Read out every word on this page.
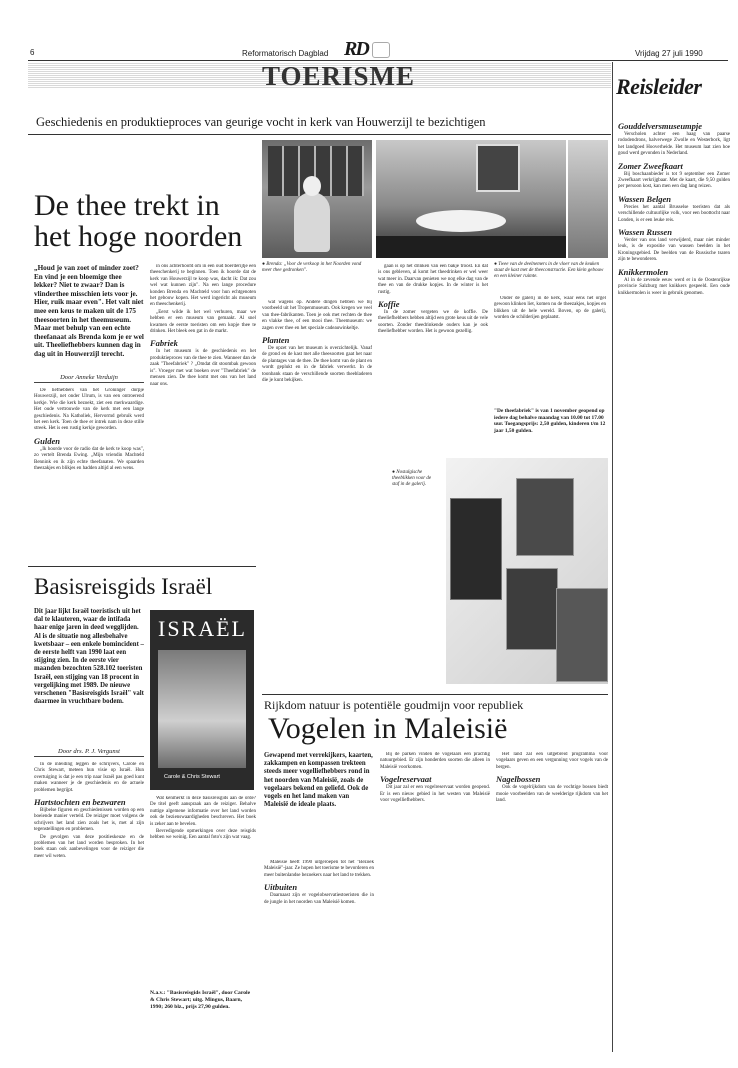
6	Reformatorisch Dagblad RD	Vrijdag 27 juli 1990
TOERISME	Reisleider
Geschiedenis en produktieproces van geurige vocht in kerk van Houwerzijl te bezichtigen
De thee trekt in
het hoge noorden
„Houd je van zoet of minder zoet? En vind je een bloemige thee lekker? Niet te zwaar? Dan is vlinderthee misschien iets voor je. Hier, ruik maar even". Het valt niet mee een keus te maken uit de 175 theesoorten in het theemuseum. Maar met behulp van een echte theefanaat als Brenda kom je er wel uit. Theeliefhebbers kunnen dag in dag uit in Houwerzijl terecht.
Door Anneke Verduijn

De liefhebbers van het Groninger dorpje Houwerzijl, net onder Ulrum, is van een ontroerend kerkje. Wie die kerk bezoekt, ziet een merkwaardige. Het oude vertrouwde van de kerk met een lange geschiedenis. Na Katholiek, Hervormd gebruik werd het een kerk. Toen de thee er intrek nam in deze stille streek. Het is een rustig kerkje geworden.

Gulden

„Ik hoorde voor de radio dat de kerk te koop was", zo vertelt Brenda Ewing. „Mijn vriendin Machteld Bennink en ik zijn echte theefanaten. We spaarden theezakjes en blikjes en hadden altijd al een wens.

in ons achterhoofd om in een oud boerderijtje een theeschenkerij te beginnen. Toen ik hoorde dat de kerk van Houwerzijl te koop was, dacht ik: Dat zou wel wat kunnen zijn". Na een lange procedure konden Brenda en Machteld voor hun echtgenoten het gebouw kopen. Het werd ingericht als museum en theeschenkerij.

„Eerst wilde ik het wel verhuren, maar we hebben er een museum van gemaakt. Al snel kwamen de eerste toeristen om een kopje thee te drinken. Het bleek een gat in de markt.

Fabriek

In het museum is de geschiedenis en het produktieproces van de thee te zien. Wanneer dan de zaak "Theefabriek" ? „Omdat dit stoombak gewoon is". Vroeger met wat boeken over "Theefabriek" de mensen zien. De thee komt met ons van het land naar ons.

● Brenda: „Voor de verkoop in het Noorden vond meer thee gedronken".
● Twee van de deelnemers in de vloer van de keuken staat de kast met de theeconstructie. Een klein gebouw en een kleiner ruimte.

wat wagens op. Andere dingen hebben we bij voorbeeld uit het Tropenmuseum. Ook kregen we veel van thee-fabrikanten. Toen je ook met rechten de thee en vlakke thee, of een mooi thee. Theemuseum: we zagen over thee en het speciale cadeauwinkeltje.

Planten

De opzet van het museum is overzichtelijk. Vanaf de grond en de kast met alle theesoorten gaat het naar de plantages van de thee. De thee komt van de plant en wordt geplukt en in de fabriek verwerkt. In de toonbank staan de verschillende soorten theebladeren die je kunt bekijken.

gaan is op het drinken van een bakje troost. En dat is ons gebleven, al komt het theedrinken er wel weer wat meer in. Daarvan genieten we nog elke dag van de thee en van de drukke kopjes. In de winter is het rustig.

Koffie

In de zomer vergeten we de koffie. De theeliefhebbers hebben altijd een grote keus uit de vele soorten. Zonder theedrinkende ouders kan je ook theeliefhebber worden. Het is gewoon gezellig.

Onder de galerij in de kerk, waar eens het orgel gewoon klinken liet, komen nu de theezakjes, kopjes en blikken uit de hele wereld. Boven, op de galerij, worden de schilderijen geplaatst.

"De theefabriek" is van 1 november geopend op iedere dag behalve maandag van 10.00 tot 17.00 uur. Toegangsprijs: 2,50 gulden, kinderen t/m 12 jaar 1,50 gulden.
● Nostalgische theeblikken voor de staf in de galerij.
Basisreisgids Israël
Dit jaar lijkt Israël toeristisch uit het dal te klauteren, waar de intifada haar enige jaren in deed wegglijden. Al is de situatie nog allesbehalve kwetsbaar – een enkele bomincident – de eerste helft van 1990 laat een stijging zien. In de eerste vier maanden bezochten 528.102 toeristen Israël, een stijging van 18 procent in vergelijking met 1989. De nieuwe verschenen "Basisreisgids Israël" valt daarmee in vruchtbare bodem.
Door drs. P. J. Vergunst

In de inleiding leggen de schrijvers, Carole en Chris Stewart, meteen hun visie op Israël. Hun overtuiging is dat je een trip naar Israël pas goed kunt maken wanneer je de geschiedenis en de actuele problemen begrijpt.

Hartstochten en bezwaren

Bijbelse figuren en geschiedenissen worden op een boeiende manier verteld. De reiziger moet volgens de schrijvers het land zien zoals het is, met al zijn tegenstellingen en problemen.

De gevolgen van deze positieskeuze en de problemen van het land worden besproken. In het boek staan ook aanbevelingen voor de reiziger die meer wil weten.

ISRAËL
Carole & Chris Stewart

Wat kenmerkt in deze basisreisgids aan de orde? De titel geeft aanspraak aan de reiziger. Behalve nuttige algemene informatie over het land worden ook de bezienswaardigheden beschreven. Het boek is zeker aan te bevelen.

Bevredigende opmerkingen over deze reisgids hebben we weinig. Een aantal foto's zijn wat vaag.

N.a.v.: "Basisreisgids Israël", door Carole & Chris Stewart; uitg. Mingus, Baarn, 1990; 260 blz., prijs 27,90 gulden.
Rijkdom natuur is potentiële goudmijn voor republiek
Vogelen in Maleisië
Gewapend met verrekijkers, kaarten, zakkampen en kompassen trekteen steeds meer vogelliefhebbers rond in het noorden van Maleisië, zoals de vogelaars bekend en geliefd. Ook de vogels en het land maken van Maleisië de ideale plaats.

Maleisië heeft 1990 uitgeroepen tot het "Bezoek Maleisië"-jaar. Ze hopen het toerisme te bevorderen en meer buitenlandse bezoekers naar het land te trekken.

Uitbuiten

Daarnaast zijn er vogelobservatiestoeristen die in de jungle in het noorden van Maleisië komen.

Bij de parken vinden de vogelaars een prachtig natuurgebied. Er zijn honderden soorten die alleen in Maleisië voorkomen.

Vogelreservaat

Dit jaar zal er een vogelreservaat worden geopend. Er is een nieuw gebied in het westen van Maleisië voor vogelliefhebbers.

Het land zal een uitgebreid programma voor vogelaars geven en een vergunning voor vogels van de bergen.

Nagelbossen

Ook de vogelrijkdom van de vochtige bossen biedt mooie voorbeelden van de weelderige rijkdom van het land.

Gouddelversmuseumpje

Verscholen achter een haag van paarse rododendrons, halverwege Zwolle en Westerbork, ligt het landgoed Hooverheide. Het museum laat zien hoe goud werd gevonden in Nederland.

Zomer Zweefkaart

Bij boschaanbieder is tot 9 september een Zomer Zweefkaart verkrijgbaar. Met de kaart, die 9,50 gulden per persoon kost, kan men een dag lang reizen.

Wassen Belgen

Precies het aantal Brusselse toeristen dat als verschillende cultuurlijke volk, voor een boottocht naar Londen, is er een leuke reis.

Wassen Russen

Verder van ons land verwijderd, maar niet minder leuk, is de expositie van wassen beelden in het Kroningsgebied. De beelden van de Russische tsaren zijn te bewonderen.

Knikkermolen

Al in de zevende eeuw werd er in de Oostenrijkse provincie Salzburg met knikkers gespeeld. Een oude knikkermolen is weer in gebruik genomen.
